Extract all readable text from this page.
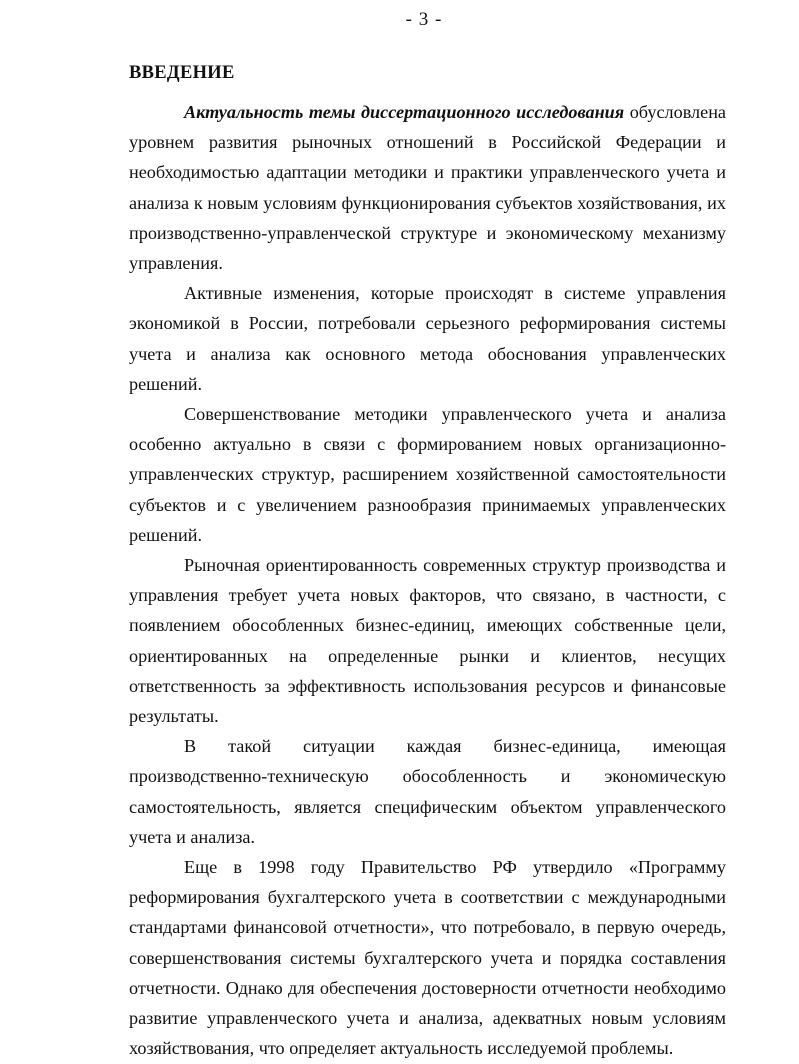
- 3 -
ВВЕДЕНИЕ

Актуальность темы диссертационного исследования обусловлена уровнем развития рыночных отношений в Российской Федерации и необходимостью адаптации методики и практики управленческого учета и анализа к новым условиям функционирования субъектов хозяйствования, их производственно-управленческой структуре и экономическому механизму управления.

Активные изменения, которые происходят в системе управления экономикой в России, потребовали серьезного реформирования системы учета и анализа как основного метода обоснования управленческих решений.

Совершенствование методики управленческого учета и анализа особенно актуально в связи с формированием новых организационно-управленческих структур, расширением хозяйственной самостоятельности субъектов и с увеличением разнообразия принимаемых управленческих решений.

Рыночная ориентированность современных структур производства и управления требует учета новых факторов, что связано, в частности, с появлением обособленных бизнес-единиц, имеющих собственные цели, ориентированных на определенные рынки и клиентов, несущих ответственность за эффективность использования ресурсов и финансовые результаты.

В такой ситуации каждая бизнес-единица, имеющая производственно-техническую обособленность и экономическую самостоятельность, является специфическим объектом управленческого учета и анализа.

Еще в 1998 году Правительство РФ утвердило «Программу реформирования бухгалтерского учета в соответствии с международными стандартами финансовой отчетности», что потребовало, в первую очередь, совершенствования системы бухгалтерского учета и порядка составления отчетности. Однако для обеспечения достоверности отчетности необходимо развитие управленческого учета и анализа, адекватных новым условиям хозяйствования, что определяет актуальность исследуемой проблемы.
